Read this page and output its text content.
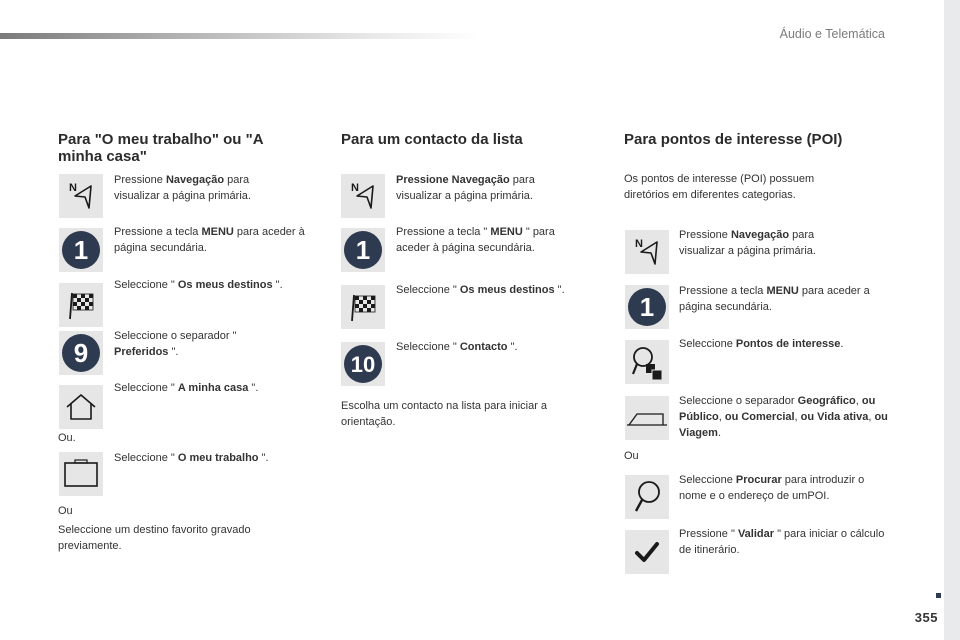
Áudio e Telemática
Para "O meu trabalho" ou "A minha casa"
N
Pressione Navegação para visualizar a página primária.
1
Pressione a tecla MENU para aceder à página secundária.
Seleccione " Os meus destinos ".
9
Seleccione o separador " Preferidos ".
Seleccione " A minha casa ".
Ou.
Seleccione " O meu trabalho ".
Ou
Seleccione um destino favorito gravado previamente.
Para um contacto da lista
N
Pressione Navegação para visualizar a página primária.
1
Pressione a tecla " MENU " para aceder à página secundária.
Seleccione " Os meus destinos ".
10
Seleccione " Contacto ".
Escolha um contacto na lista para iniciar a orientação.
Para pontos de interesse (POI)
Os pontos de interesse (POI) possuem diretórios em diferentes categorias.
N
Pressione Navegação para visualizar a página primária.
1
Pressione a tecla MENU para aceder a página secundária.
Seleccione Pontos de interesse.
Seleccione o separador Geográfico, ou Público, ou Comercial, ou Vida ativa, ou Viagem.
Ou
Seleccione Procurar para introduzir o nome e o endereço de umPOI.
Pressione " Validar " para iniciar o cálculo de itinerário.
355
